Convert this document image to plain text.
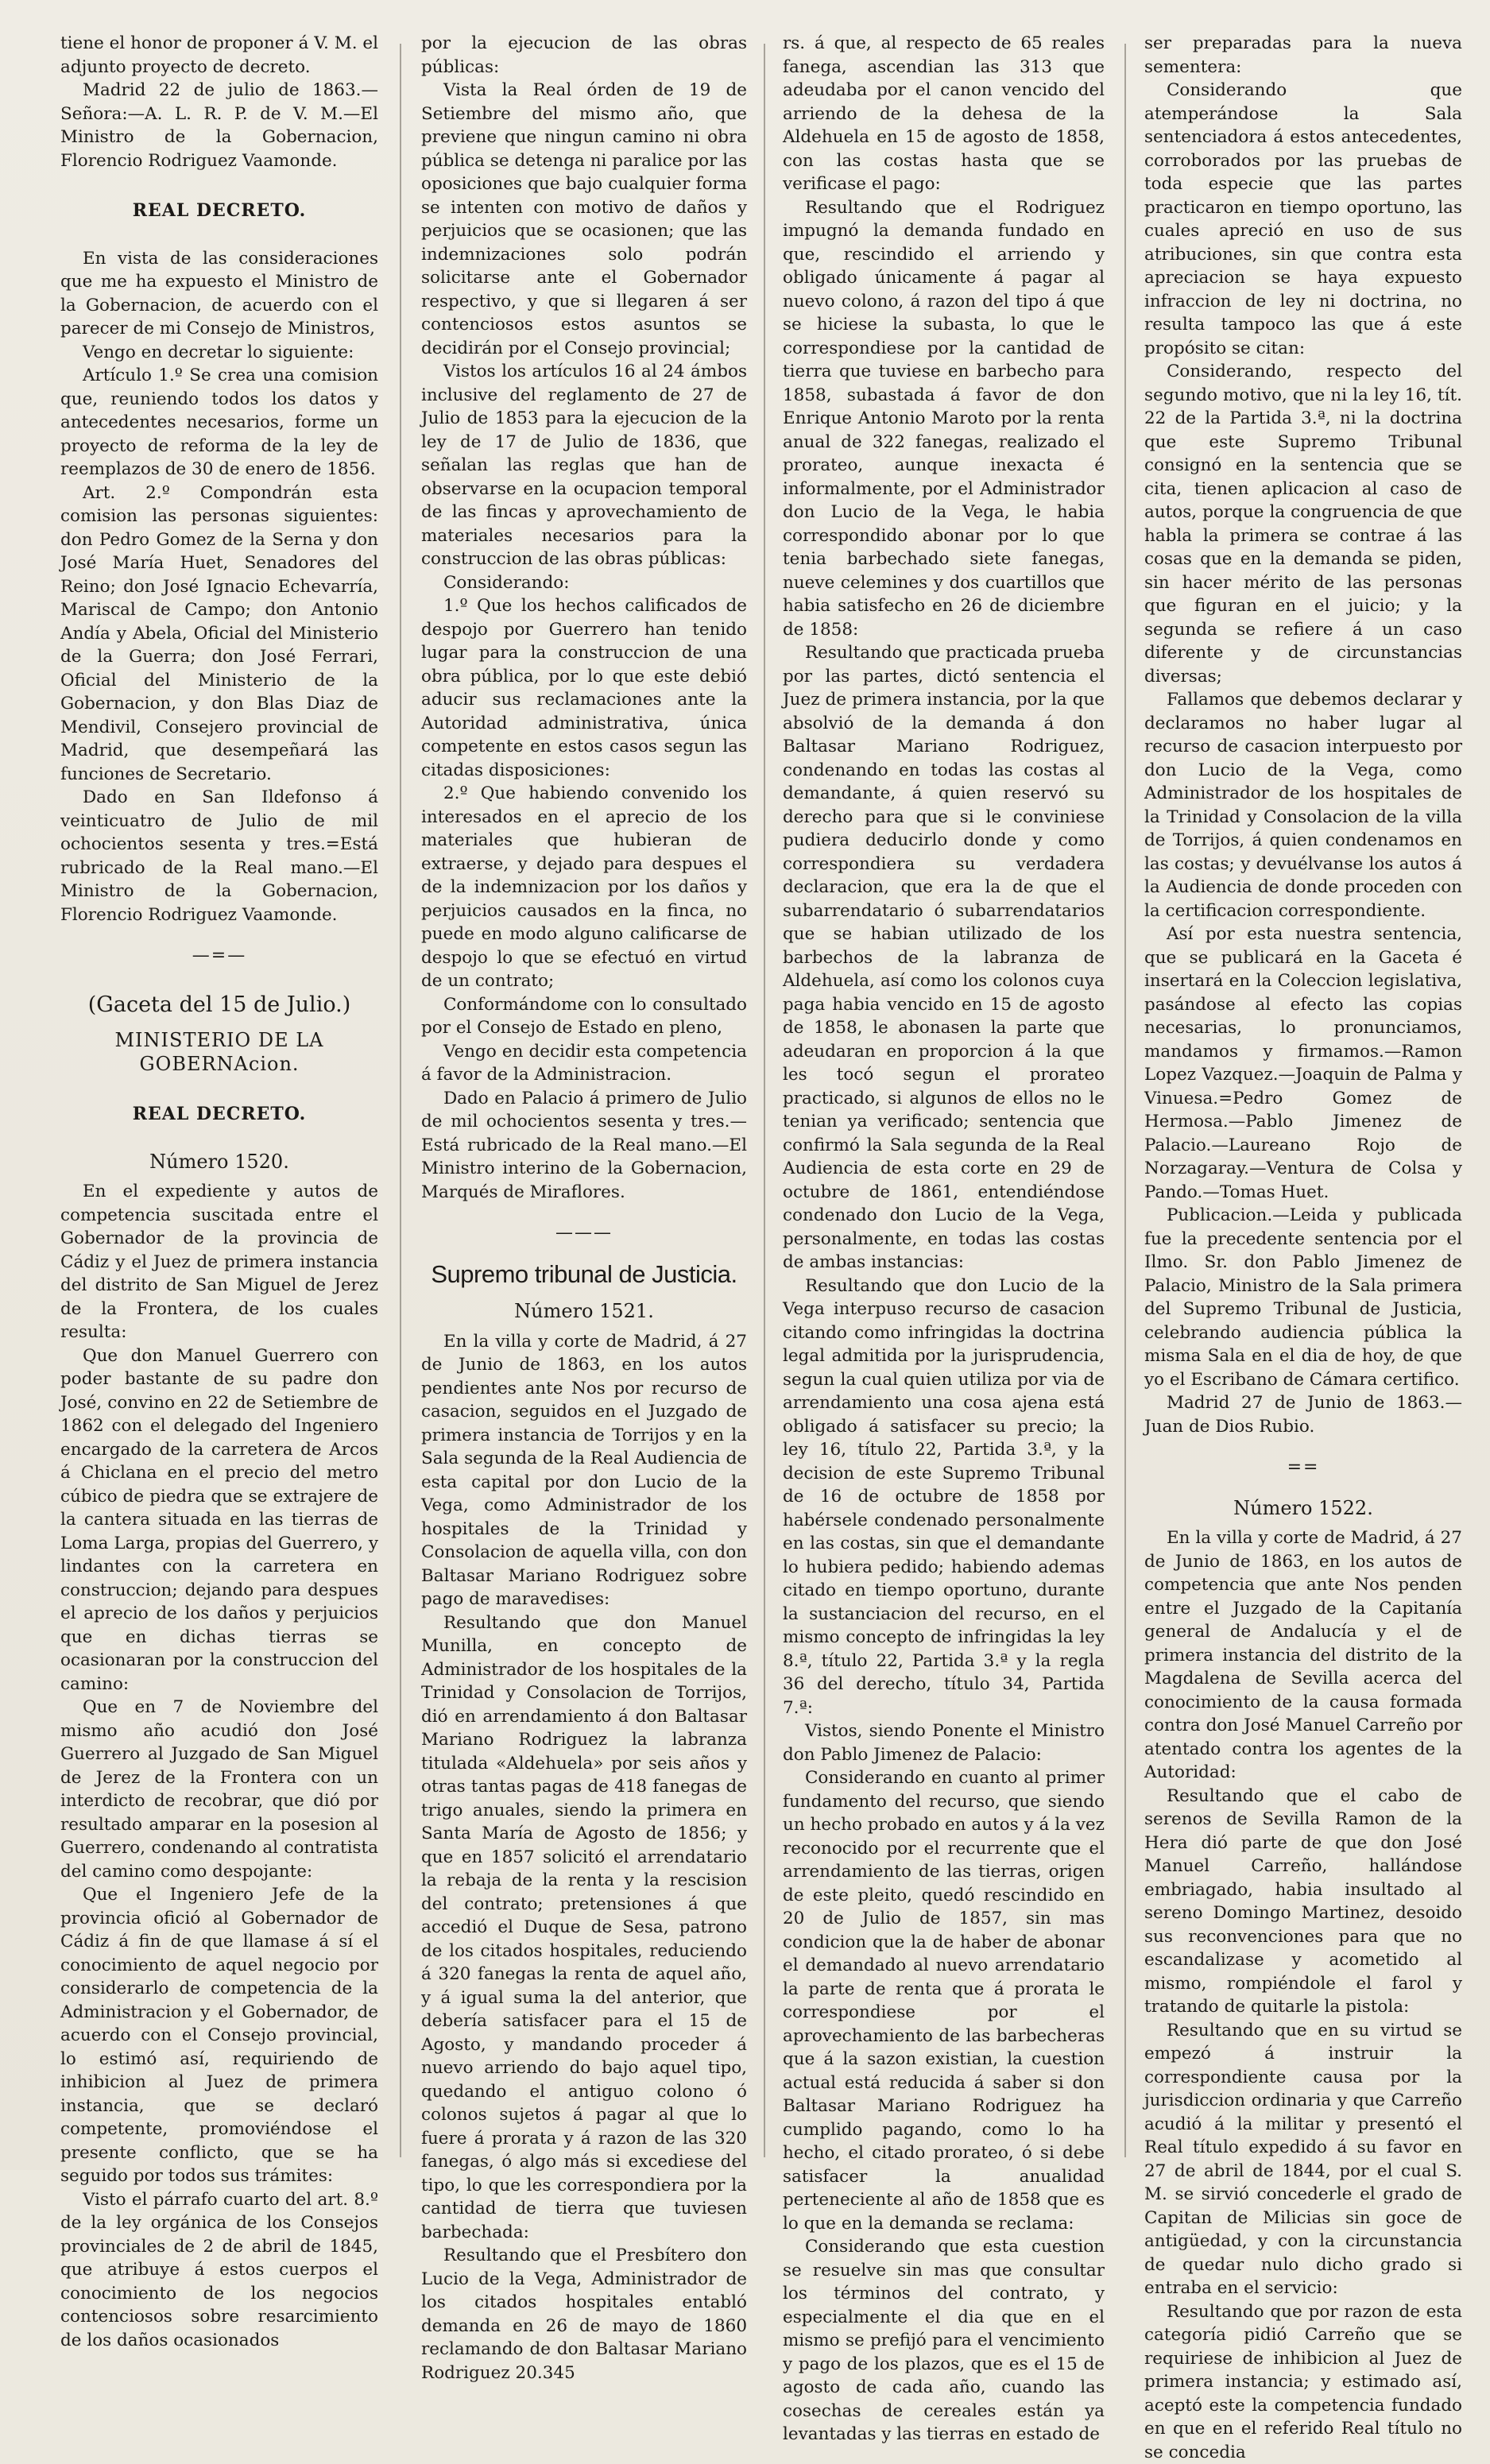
tiene el honor de proponer á V. M. el adjunto proyecto de decreto.

Madrid 22 de julio de 1863.—Señora:—A. L. R. P. de V. M.—El Ministro de la Gobernacion, Florencio Rodriguez Vaamonde.

REAL DECRETO.

En vista de las consideraciones que me ha expuesto el Ministro de la Gobernacion, de acuerdo con el parecer de mi Consejo de Ministros,

Vengo en decretar lo siguiente:

Artículo 1.º Se crea una comision que, reuniendo todos los datos y antecedentes necesarios, forme un proyecto de reforma de la ley de reemplazos de 30 de enero de 1856.

Art. 2.º Compondrán esta comision las personas siguientes: don Pedro Gomez de la Serna y don José María Huet, Senadores del Reino; don José Ignacio Echevarría, Mariscal de Campo; don Antonio Andía y Abela, Oficial del Ministerio de la Guerra; don José Ferrari, Oficial del Ministerio de la Gobernacion, y don Blas Diaz de Mendivil, Consejero provincial de Madrid, que desempeñará las funciones de Secretario.

Dado en San Ildefonso á veinticuatro de Julio de mil ochocientos sesenta y tres.=Está rubricado de la Real mano.—El Ministro de la Gobernacion, Florencio Rodriguez Vaamonde.

—=—

(Gaceta del 15 de Julio.)

MINISTERIO DE LA GOBERNAcion.

REAL DECRETO.

Número 1520.

En el expediente y autos de competencia suscitada entre el Gobernador de la provincia de Cádiz y el Juez de primera instancia del distrito de San Miguel de Jerez de la Frontera, de los cuales resulta:

Que don Manuel Guerrero con poder bastante de su padre don José, convino en 22 de Setiembre de 1862 con el delegado del Ingeniero encargado de la carretera de Arcos á Chiclana en el precio del metro cúbico de piedra que se extrajere de la cantera situada en las tierras de Loma Larga, propias del Guerrero, y lindantes con la carretera en construccion; dejando para despues el aprecio de los daños y perjuicios que en dichas tierras se ocasionaran por la construccion del camino:

Que en 7 de Noviembre del mismo año acudió don José Guerrero al Juzgado de San Miguel de Jerez de la Frontera con un interdicto de recobrar, que dió por resultado amparar en la posesion al Guerrero, condenando al contratista del camino como despojante:

Que el Ingeniero Jefe de la provincia ofició al Gobernador de Cádiz á fin de que llamase á sí el conocimiento de aquel negocio por considerarlo de competencia de la Administracion y el Gobernador, de acuerdo con el Consejo provincial, lo estimó así, requiriendo de inhibicion al Juez de primera instancia, que se declaró competente, promoviéndose el presente conflicto, que se ha seguido por todos sus trámites:

Visto el párrafo cuarto del art. 8.º de la ley orgánica de los Consejos provinciales de 2 de abril de 1845, que atribuye á estos cuerpos el conocimiento de los negocios contenciosos sobre resarcimiento de los daños ocasionados

por la ejecucion de las obras públicas:

Vista la Real órden de 19 de Setiembre del mismo año, que previene que ningun camino ni obra pública se detenga ni paralice por las oposiciones que bajo cualquier forma se intenten con motivo de daños y perjuicios que se ocasionen; que las indemnizaciones solo podrán solicitarse ante el Gobernador respectivo, y que si llegaren á ser contenciosos estos asuntos se decidirán por el Consejo provincial;

Vistos los artículos 16 al 24 ámbos inclusive del reglamento de 27 de Julio de 1853 para la ejecucion de la ley de 17 de Julio de 1836, que señalan las reglas que han de observarse en la ocupacion temporal de las fincas y aprovechamiento de materiales necesarios para la construccion de las obras públicas:

Considerando:

1.º Que los hechos calificados de despojo por Guerrero han tenido lugar para la construccion de una obra pública, por lo que este debió aducir sus reclamaciones ante la Autoridad administrativa, única competente en estos casos segun las citadas disposiciones:

2.º Que habiendo convenido los interesados en el aprecio de los materiales que hubieran de extraerse, y dejado para despues el de la indemnizacion por los daños y perjuicios causados en la finca, no puede en modo alguno calificarse de despojo lo que se efectuó en virtud de un contrato;

Conformándome con lo consultado por el Consejo de Estado en pleno,

Vengo en decidir esta competencia á favor de la Administracion.

Dado en Palacio á primero de Julio de mil ochocientos sesenta y tres.—Está rubricado de la Real mano.—El Ministro interino de la Gobernacion, Marqués de Miraflores.

———

Supremo tribunal de Justicia.

Número 1521.

En la villa y corte de Madrid, á 27 de Junio de 1863, en los autos pendientes ante Nos por recurso de casacion, seguidos en el Juzgado de primera instancia de Torrijos y en la Sala segunda de la Real Audiencia de esta capital por don Lucio de la Vega, como Administrador de los hospitales de la Trinidad y Consolacion de aquella villa, con don Baltasar Mariano Rodriguez sobre pago de maravedises:

Resultando que don Manuel Munilla, en concepto de Administrador de los hospitales de la Trinidad y Consolacion de Torrijos, dió en arrendamiento á don Baltasar Mariano Rodriguez la labranza titulada «Aldehuela» por seis años y otras tantas pagas de 418 fanegas de trigo anuales, siendo la primera en Santa María de Agosto de 1856; y que en 1857 solicitó el arrendatario la rebaja de la renta y la rescision del contrato; pretensiones á que accedió el Duque de Sesa, patrono de los citados hospitales, reduciendo á 320 fanegas la renta de aquel año, y á igual suma la del anterior, que debería satisfacer para el 15 de Agosto, y mandando proceder á nuevo arriendo do bajo aquel tipo, quedando el antiguo colono ó colonos sujetos á pagar al que lo fuere á prorata y á razon de las 320 fanegas, ó algo más si excediese del tipo, lo que les correspondiera por la cantidad de tierra que tuviesen barbechada:

Resultando que el Presbítero don Lucio de la Vega, Administrador de los citados hospitales entabló demanda en 26 de mayo de 1860 reclamando de don Baltasar Mariano Rodriguez 20.345

rs. á que, al respecto de 65 reales fanega, ascendian las 313 que adeudaba por el canon vencido del arriendo de la dehesa de la Aldehuela en 15 de agosto de 1858, con las costas hasta que se verificase el pago:

Resultando que el Rodriguez impugnó la demanda fundado en que, rescindido el arriendo y obligado únicamente á pagar al nuevo colono, á razon del tipo á que se hiciese la subasta, lo que le correspondiese por la cantidad de tierra que tuviese en barbecho para 1858, subastada á favor de don Enrique Antonio Maroto por la renta anual de 322 fanegas, realizado el prorateo, aunque inexacta é informalmente, por el Administrador don Lucio de la Vega, le habia correspondido abonar por lo que tenia barbechado siete fanegas, nueve celemines y dos cuartillos que habia satisfecho en 26 de diciembre de 1858:

Resultando que practicada prueba por las partes, dictó sentencia el Juez de primera instancia, por la que absolvió de la demanda á don Baltasar Mariano Rodriguez, condenando en todas las costas al demandante, á quien reservó su derecho para que si le conviniese pudiera deducirlo donde y como correspondiera su verdadera declaracion, que era la de que el subarrendatario ó subarrendatarios que se habian utilizado de los barbechos de la labranza de Aldehuela, así como los colonos cuya paga habia vencido en 15 de agosto de 1858, le abonasen la parte que adeudaran en proporcion á la que les tocó segun el prorateo practicado, si algunos de ellos no le tenian ya verificado; sentencia que confirmó la Sala segunda de la Real Audiencia de esta corte en 29 de octubre de 1861, entendiéndose condenado don Lucio de la Vega, personalmente, en todas las costas de ambas instancias:

Resultando que don Lucio de la Vega interpuso recurso de casacion citando como infringidas la doctrina legal admitida por la jurisprudencia, segun la cual quien utiliza por via de arrendamiento una cosa ajena está obligado á satisfacer su precio; la ley 16, título 22, Partida 3.ª, y la decision de este Supremo Tribunal de 16 de octubre de 1858 por habérsele condenado personalmente en las costas, sin que el demandante lo hubiera pedido; habiendo ademas citado en tiempo oportuno, durante la sustanciacion del recurso, en el mismo concepto de infringidas la ley 8.ª, título 22, Partida 3.ª y la regla 36 del derecho, título 34, Partida 7.ª:

Vistos, siendo Ponente el Ministro don Pablo Jimenez de Palacio:

Considerando en cuanto al primer fundamento del recurso, que siendo un hecho probado en autos y á la vez reconocido por el recurrente que el arrendamiento de las tierras, origen de este pleito, quedó rescindido en 20 de Julio de 1857, sin mas condicion que la de haber de abonar el demandado al nuevo arrendatario la parte de renta que á prorata le correspondiese por el aprovechamiento de las barbecheras que á la sazon existian, la cuestion actual está reducida á saber si don Baltasar Mariano Rodriguez ha cumplido pagando, como lo ha hecho, el citado prorateo, ó si debe satisfacer la anualidad perteneciente al año de 1858 que es lo que en la demanda se reclama:

Considerando que esta cuestion se resuelve sin mas que consultar los términos del contrato, y especialmente el dia que en el mismo se prefijó para el vencimiento y pago de los plazos, que es el 15 de agosto de cada año, cuando las cosechas de cereales están ya levantadas y las tierras en estado de

ser preparadas para la nueva sementera:

Considerando que atemperándose la Sala sentenciadora á estos antecedentes, corroborados por las pruebas de toda especie que las partes practicaron en tiempo oportuno, las cuales apreció en uso de sus atribuciones, sin que contra esta apreciacion se haya expuesto infraccion de ley ni doctrina, no resulta tampoco las que á este propósito se citan:

Considerando, respecto del segundo motivo, que ni la ley 16, tít. 22 de la Partida 3.ª, ni la doctrina que este Supremo Tribunal consignó en la sentencia que se cita, tienen aplicacion al caso de autos, porque la congruencia de que habla la primera se contrae á las cosas que en la demanda se piden, sin hacer mérito de las personas que figuran en el juicio; y la segunda se refiere á un caso diferente y de circunstancias diversas;

Fallamos que debemos declarar y declaramos no haber lugar al recurso de casacion interpuesto por don Lucio de la Vega, como Administrador de los hospitales de la Trinidad y Consolacion de la villa de Torrijos, á quien condenamos en las costas; y devuélvanse los autos á la Audiencia de donde proceden con la certificacion correspondiente.

Así por esta nuestra sentencia, que se publicará en la Gaceta é insertará en la Coleccion legislativa, pasándose al efecto las copias necesarias, lo pronunciamos, mandamos y firmamos.—Ramon Lopez Vazquez.—Joaquin de Palma y Vinuesa.=Pedro Gomez de Hermosa.—Pablo Jimenez de Palacio.—Laureano Rojo de Norzagaray.—Ventura de Colsa y Pando.—Tomas Huet.

Publicacion.—Leida y publicada fue la precedente sentencia por el Ilmo. Sr. don Pablo Jimenez de Palacio, Ministro de la Sala primera del Supremo Tribunal de Justicia, celebrando audiencia pública la misma Sala en el dia de hoy, de que yo el Escribano de Cámara certifico.

Madrid 27 de Junio de 1863.—Juan de Dios Rubio.

==

Número 1522.

En la villa y corte de Madrid, á 27 de Junio de 1863, en los autos de competencia que ante Nos penden entre el Juzgado de la Capitanía general de Andalucía y el de primera instancia del distrito de la Magdalena de Sevilla acerca del conocimiento de la causa formada contra don José Manuel Carreño por atentado contra los agentes de la Autoridad:

Resultando que el cabo de serenos de Sevilla Ramon de la Hera dió parte de que don José Manuel Carreño, hallándose embriagado, habia insultado al sereno Domingo Martinez, desoido sus reconvenciones para que no escandalizase y acometido al mismo, rompiéndole el farol y tratando de quitarle la pistola:

Resultando que en su virtud se empezó á instruir la correspondiente causa por la jurisdiccion ordinaria y que Carreño acudió á la militar y presentó el Real título expedido á su favor en 27 de abril de 1844, por el cual S. M. se sirvió concederle el grado de Capitan de Milicias sin goce de antigüedad, y con la circunstancia de quedar nulo dicho grado si entraba en el servicio:

Resultando que por razon de esta categoría pidió Carreño que se requiriese de inhibicion al Juez de primera instancia; y estimado así, aceptó este la competencia fundado en que en el referido Real título no se concedia
